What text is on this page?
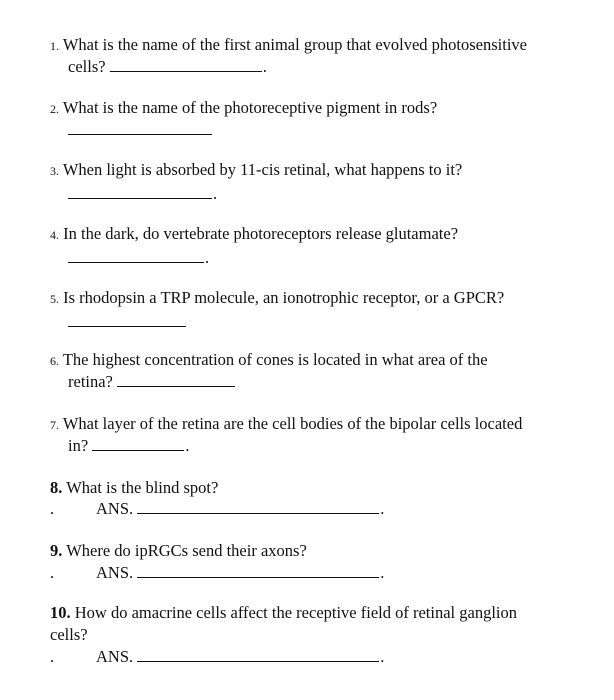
1. What is the name of the first animal group that evolved photosensitive
cells?	.
2. What is the name of the photoreceptive pigment in rods?
3. When light is absorbed by 11-cis retinal, what happens to it?
.
4. In the dark, do vertebrate photoreceptors release glutamate?
.
5. Is rhodopsin a TRP molecule, an ionotrophic receptor, or a GPCR?
6. The highest concentration of cones is located in what area of the
retina?
7. What layer of the retina are the cell bodies of the bipolar cells located
in?	.
8. What is the blind spot?
.	ANS.	.
9. Where do ipRGCs send their axons?
.	ANS.	.
10. How do amacrine cells affect the receptive field of retinal ganglion
cells?
.	ANS.	.
